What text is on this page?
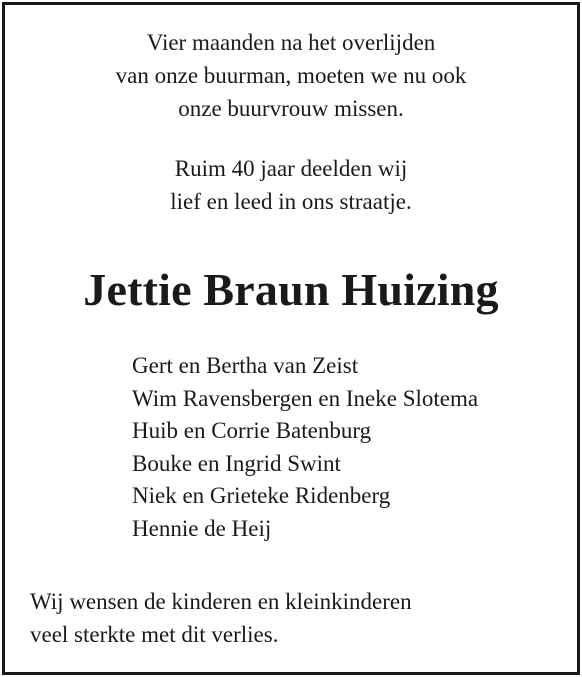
Vier maanden na het overlijden
van onze buurman, moeten we nu ook
onze buurvrouw missen.
Ruim 40 jaar deelden wij
lief en leed in ons straatje.
Jettie Braun Huizing
Gert en Bertha van Zeist
Wim Ravensbergen en Ineke Slotema
Huib en Corrie Batenburg
Bouke en Ingrid Swint
Niek en Grieteke Ridenberg
Hennie de Heij
Wij wensen de kinderen en kleinkinderen
veel sterkte met dit verlies.
